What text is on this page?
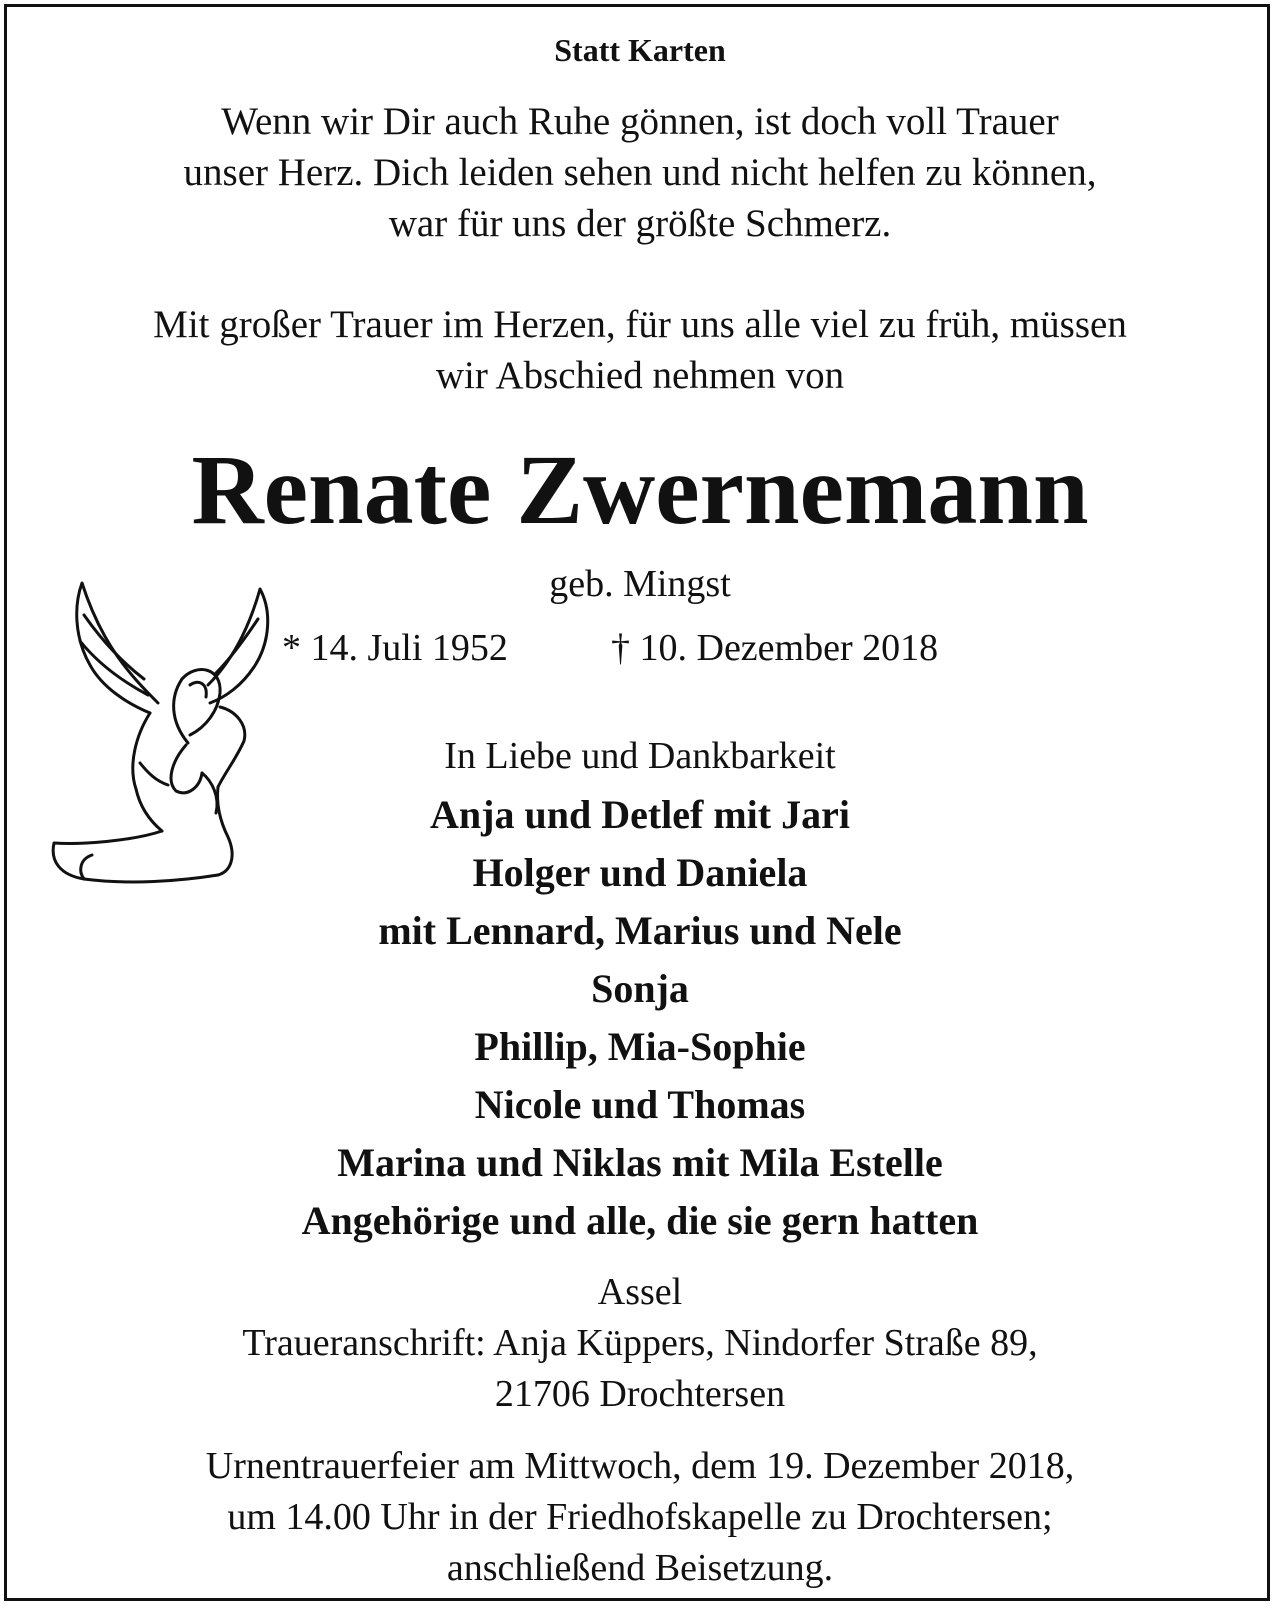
Statt Karten
Wenn wir Dir auch Ruhe gönnen, ist doch voll Trauer
unser Herz. Dich leiden sehen und nicht helfen zu können,
war für uns der größte Schmerz.
Mit großer Trauer im Herzen, für uns alle viel zu früh, müssen
wir Abschied nehmen von
Renate Zwernemann
geb. Mingst
* 14. Juli 1952	† 10. Dezember 2018
In Liebe und Dankbarkeit
Anja und Detlef mit Jari
Holger und Daniela
mit Lennard, Marius und Nele
Sonja
Phillip, Mia-Sophie
Nicole und Thomas
Marina und Niklas mit Mila Estelle
Angehörige und alle, die sie gern hatten
Assel
Traueranschrift: Anja Küppers, Nindorfer Straße 89,
21706 Drochtersen
Urnentrauerfeier am Mittwoch, dem 19. Dezember 2018,
um 14.00 Uhr in der Friedhofskapelle zu Drochtersen;
anschließend Beisetzung.
